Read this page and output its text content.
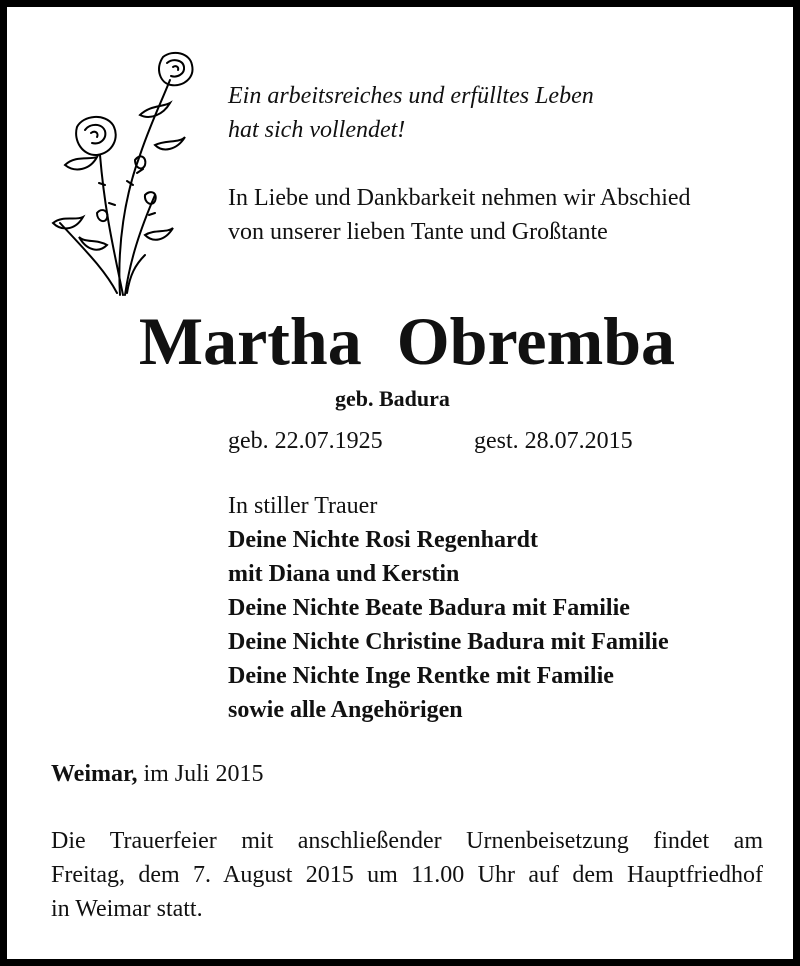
Ein arbeitsreiches und erfülltes Leben
hat sich vollendet!
In Liebe und Dankbarkeit nehmen wir Abschied
von unserer lieben Tante und Großtante
Martha Obremba
geb. Badura
geb. 22.07.1925	gest. 28.07.2015
In stiller Trauer
Deine Nichte Rosi Regenhardt
mit Diana und Kerstin
Deine Nichte Beate Badura mit Familie
Deine Nichte Christine Badura mit Familie
Deine Nichte Inge Rentke mit Familie
sowie alle Angehörigen
Weimar, im Juli 2015
Die Trauerfeier mit anschließender Urnenbeisetzung findet am
Freitag, dem 7. August 2015 um 11.00 Uhr auf dem Hauptfriedhof
in Weimar statt.
